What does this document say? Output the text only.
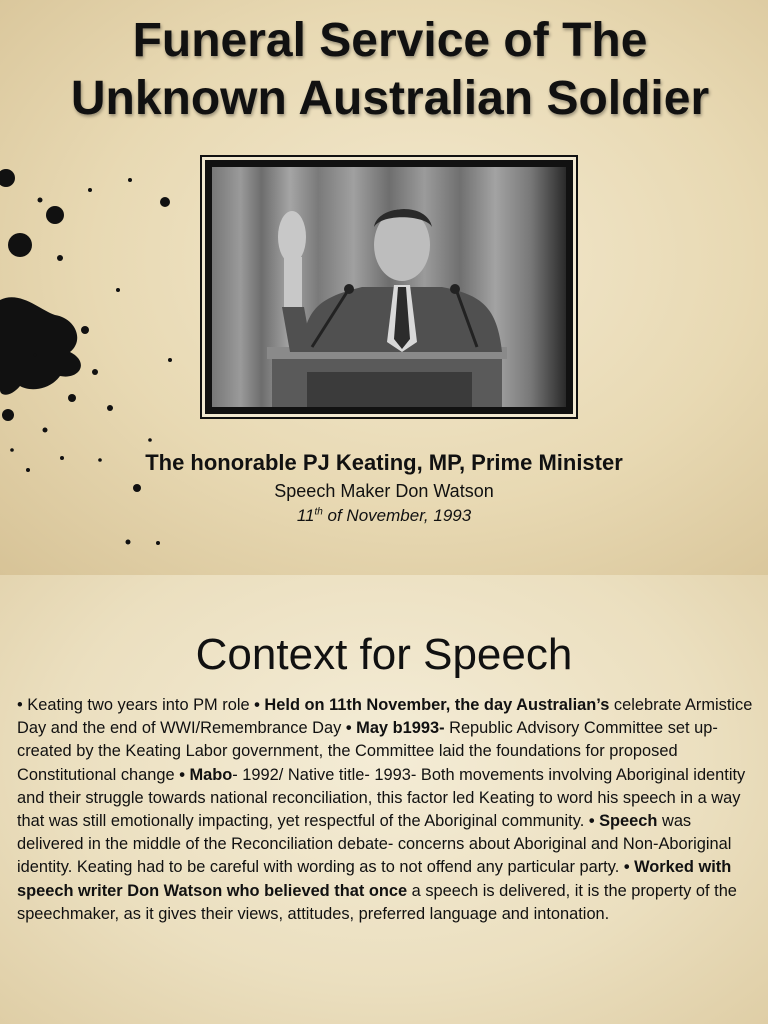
Funeral Service of The
Unknown Australian Soldier
The honorable PJ Keating, MP, Prime Minister
Speech Maker Don Watson
11th of November, 1993
Context for Speech
• Keating two years into PM role • Held on 11th November, the day Australian’s celebrate Armistice Day and the end of WWI/Remembrance Day • May b1993- Republic Advisory Committee set up- created by the Keating Labor government, the Committee laid the foundations for proposed Constitutional change • Mabo- 1992/ Native title- 1993- Both movements involving Aboriginal identity and their struggle towards national reconciliation, this factor led Keating to word his speech in a way that was still emotionally impacting, yet respectful of the Aboriginal community. • Speech was delivered in the middle of the Reconciliation debate- concerns about Aboriginal and Non-Aboriginal identity. Keating had to be careful with wording as to not offend any particular party. • Worked with speech writer Don Watson who believed that once a speech is delivered, it is the property of the speechmaker, as it gives their views, attitudes, preferred language and intonation.
